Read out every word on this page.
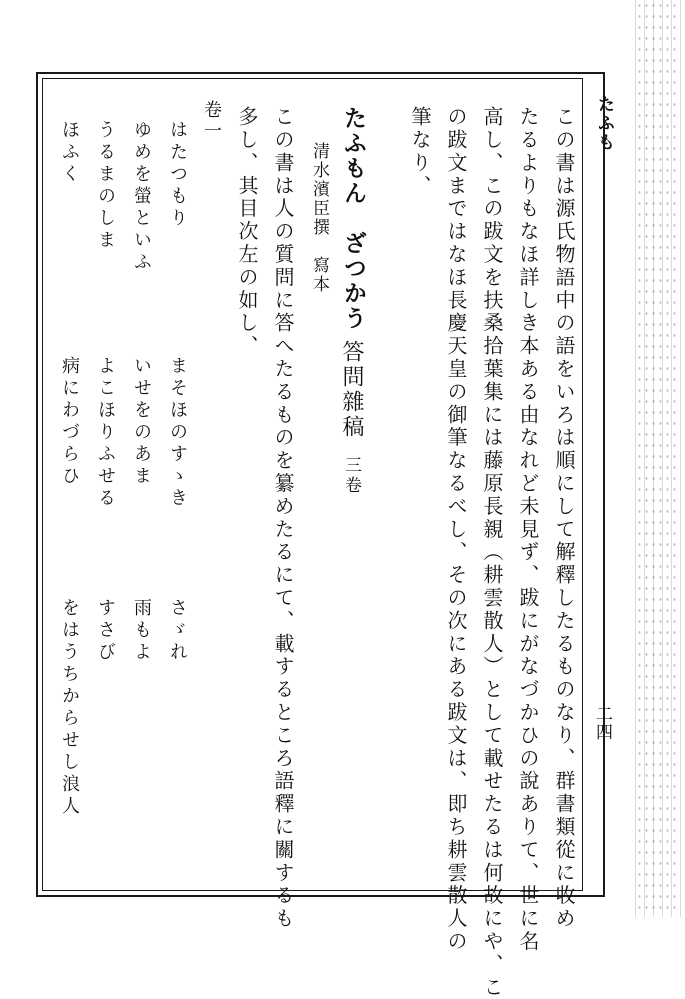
たふも
二四
この書は源氏物語中の語をいろは順にして解釋したるものなり、群書類從に收め
たるよりもなほ詳しき本ある由なれど未見ず、跋にがなづかひの說ありて、世に名
高し、この跋文を扶桑拾葉集には藤原長親（耕雲散人）として載せたるは何故にや、こ
の跋文まではなほ長慶天皇の御筆なるべし、その次にある跋文は、即ち耕雲散人の
筆なり、
たふもん　ざつかう
清水濱臣撰　寫本
答問雜稿 三卷
この書は人の質問に答へたるものを纂めたるにて、載するところ語釋に關するも
多し、其目次左の如し、
卷一
はたつもり
まそほのすゝき
さゞれ
ゆめを螢といふ
いせをのあま
雨もよ
うるまのしま
よこほりふせる
すさび
ほふく
病にわづらひ
をはうちからせし浪人
